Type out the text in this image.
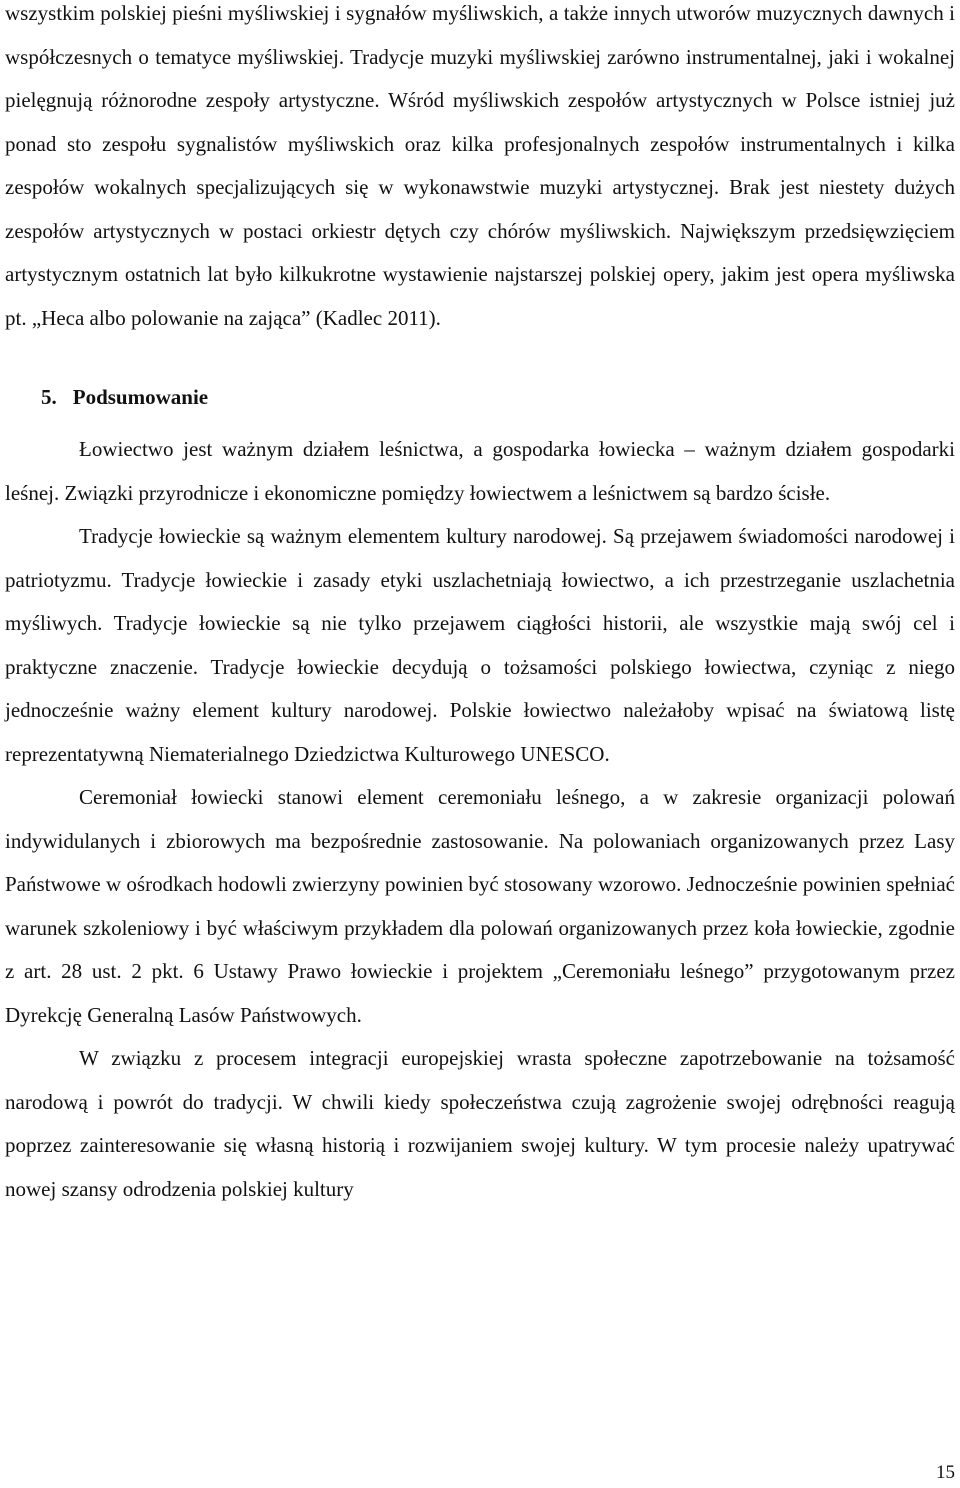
wszystkim polskiej pieśni myśliwskiej i sygnałów myśliwskich, a także innych utworów muzycznych dawnych i współczesnych o tematyce myśliwskiej. Tradycje muzyki myśliwskiej zarówno instrumentalnej, jaki i wokalnej pielęgnują różnorodne zespoły artystyczne. Wśród myśliwskich zespołów artystycznych w Polsce istniej już ponad sto zespołu sygnalistów myśliwskich oraz kilka profesjonalnych zespołów instrumentalnych i kilka zespołów wokalnych specjalizujących się w wykonawstwie muzyki artystycznej. Brak jest niestety dużych zespołów artystycznych w postaci orkiestr dętych czy chórów myśliwskich. Największym przedsięwzięciem artystycznym ostatnich lat było kilkukrotne wystawienie najstarszej polskiej opery, jakim jest opera myśliwska pt. „Heca albo polowanie na zająca” (Kadlec 2011).

5. Podsumowanie

Łowiectwo jest ważnym działem leśnictwa, a gospodarka łowiecka – ważnym działem gospodarki leśnej. Związki przyrodnicze i ekonomiczne pomiędzy łowiectwem a leśnictwem są bardzo ścisłe.

Tradycje łowieckie są ważnym elementem kultury narodowej. Są przejawem świadomości narodowej i patriotyzmu. Tradycje łowieckie i zasady etyki uszlachetniają łowiectwo, a ich przestrzeganie uszlachetnia myśliwych. Tradycje łowieckie są nie tylko przejawem ciągłości historii, ale wszystkie mają swój cel i praktyczne znaczenie. Tradycje łowieckie decydują o tożsamości polskiego łowiectwa, czyniąc z niego jednocześnie ważny element kultury narodowej. Polskie łowiectwo należałoby wpisać na światową listę reprezentatywną Niematerialnego Dziedzictwa Kulturowego UNESCO.

Ceremoniał łowiecki stanowi element ceremoniału leśnego, a w zakresie organizacji polowań indywidulanych i zbiorowych ma bezpośrednie zastosowanie. Na polowaniach organizowanych przez Lasy Państwowe w ośrodkach hodowli zwierzyny powinien być stosowany wzorowo. Jednocześnie powinien spełniać warunek szkoleniowy i być właściwym przykładem dla polowań organizowanych przez koła łowieckie, zgodnie z art. 28 ust. 2 pkt. 6 Ustawy Prawo łowieckie i projektem „Ceremoniału leśnego” przygotowanym przez Dyrekcję Generalną Lasów Państwowych.

W związku z procesem integracji europejskiej wrasta społeczne zapotrzebowanie na tożsamość narodową i powrót do tradycji. W chwili kiedy społeczeństwa czują zagrożenie swojej odrębności reagują poprzez zainteresowanie się własną historią i rozwijaniem swojej kultury. W tym procesie należy upatrywać nowej szansy odrodzenia polskiej kultury

15
